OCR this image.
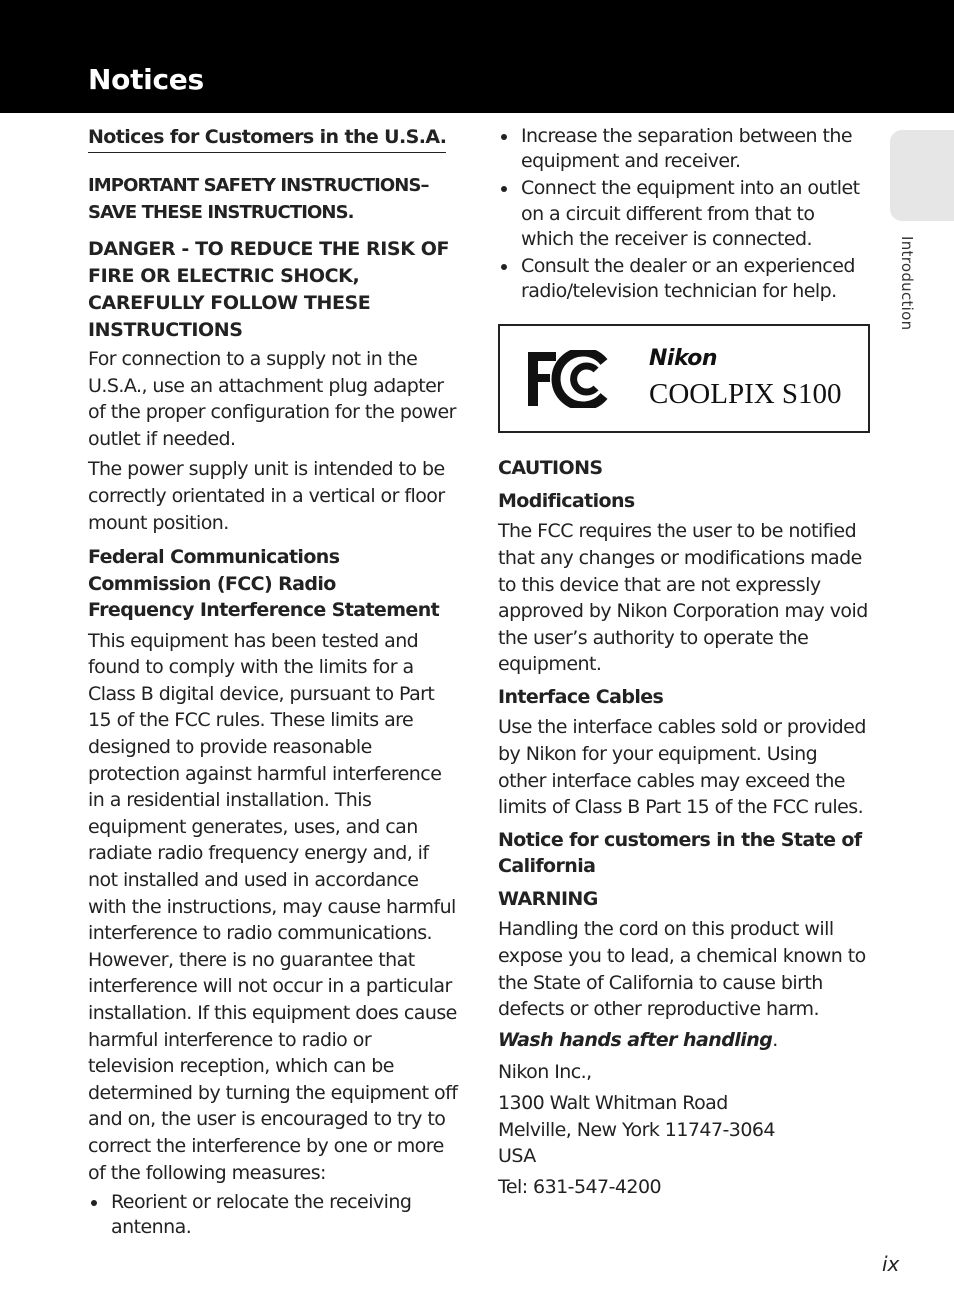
Notices
Introduction
Notices for Customers in the U.S.A.
IMPORTANT SAFETY INSTRUCTIONS–
SAVE THESE INSTRUCTIONS.
DANGER - TO REDUCE THE RISK OF
FIRE OR ELECTRIC SHOCK,
CAREFULLY FOLLOW THESE
INSTRUCTIONS

For connection to a supply not in the U.S.A., use an attachment plug adapter of the proper configuration for the power outlet if needed.

The power supply unit is intended to be correctly orientated in a vertical or floor mount position.

Federal Communications
Commission (FCC) Radio
Frequency Interference Statement

This equipment has been tested and found to comply with the limits for a Class B digital device, pursuant to Part 15 of the FCC rules. These limits are designed to provide reasonable protection against harmful interference in a residential installation. This equipment generates, uses, and can radiate radio frequency energy and, if not installed and used in accordance with the instructions, may cause harmful interference to radio communications. However, there is no guarantee that interference will not occur in a particular installation. If this equipment does cause harmful interference to radio or television reception, which can be determined by turning the equipment off and on, the user is encouraged to try to correct the interference by one or more of the following measures:

Reorient or relocate the receiving antenna.
Increase the separation between the equipment and receiver.
Connect the equipment into an outlet on a circuit different from that to which the receiver is connected.
Consult the dealer or an experienced radio/television technician for help.
Nikon
COOLPIX S100
CAUTIONS
Modifications

The FCC requires the user to be notified that any changes or modifications made to this device that are not expressly approved by Nikon Corporation may void the user’s authority to operate the equipment.

Interface Cables

Use the interface cables sold or provided by Nikon for your equipment. Using other interface cables may exceed the limits of Class B Part 15 of the FCC rules.

Notice for customers in the State of California
WARNING

Handling the cord on this product will expose you to lead, a chemical known to the State of California to cause birth defects or other reproductive harm.

Wash hands after handling.

Nikon Inc.,

1300 Walt Whitman Road
Melville, New York 11747-3064
USA

Tel: 631-547-4200

ix
